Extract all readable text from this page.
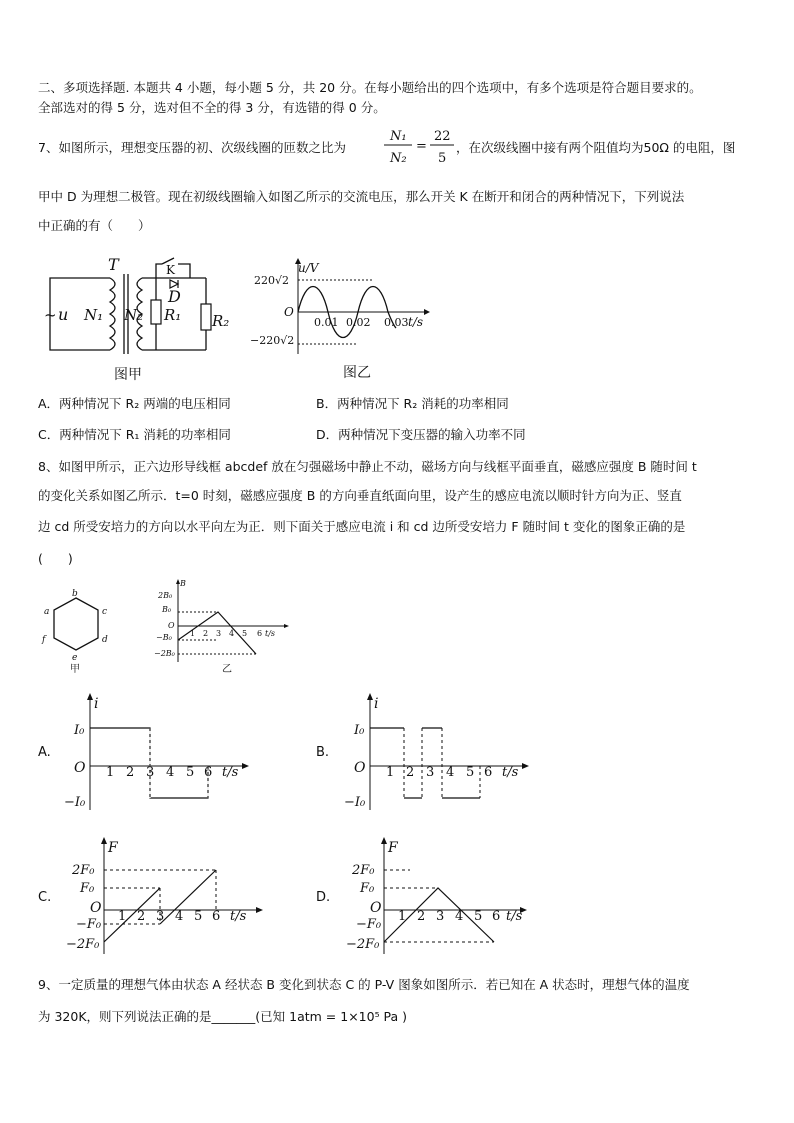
二、多项选择题. 本题共 4 小题，每小题 5 分，共 20 分。在每小题给出的四个选项中，有多个选项是符合题目要求的。
全部选对的得 5 分，选对但不全的得 3 分，有选错的得 0 分。
7、如图所示，理想变压器的初、次级线圈的匝数之比为
N₁
N₂
=
22
5
，在次级线圈中接有两个阻值均为50Ω 的电阻，图
甲中 D 为理想二极管。现在初级线圈输入如图乙所示的交流电压，那么开关 K 在断开和闭合的两种情况下，下列说法
中正确的有（　　）
~ u N₁
T
N₂
K
D
R₁ R₂
图甲
u/V
220√2
−220√2
O
0.01 0.02 0.03 t/s
图乙
A．两种情况下 R₂ 两端的电压相同	B．两种情况下 R₂ 消耗的功率相同
C．两种情况下 R₁ 消耗的功率相同	D．两种情况下变压器的输入功率不同
8、如图甲所示，正六边形导线框 abcdef 放在匀强磁场中静止不动，磁场方向与线框平面垂直，磁感应强度 B 随时间 t
的变化关系如图乙所示．t=0 时刻，磁感应强度 B 的方向垂直纸面向里，设产生的感应电流以顺时针方向为正、竖直
边 cd 所受安培力的方向以水平向左为正．则下面关于感应电流 i 和 cd 边所受安培力 F 随时间 t 变化的图象正确的是
(　　)
a
b
c
d
e
f
甲
B
2B₀
B₀
O
−B₀
−2B₀
1 2 3 4 5 6 t/s
乙
A.
i
I₀
O
−I₀
1 2 3 4 5 6 t/s
B.
i
I₀
O
−I₀
1 2 3 4 5 6 t/s
C.
F
2F₀
F₀
O
−F₀
−2F₀
1 2 3 4 5 6 t/s
D.
F
2F₀
F₀
O
−F₀
−2F₀
1 2 3 4 5 6 t/s
9、一定质量的理想气体由状态 A 经状态 B 变化到状态 C 的 P-V 图象如图所示．若已知在 A 状态时，理想气体的温度
为 320K，则下列说法正确的是_______(已知 1atm = 1×10⁵ Pa )
